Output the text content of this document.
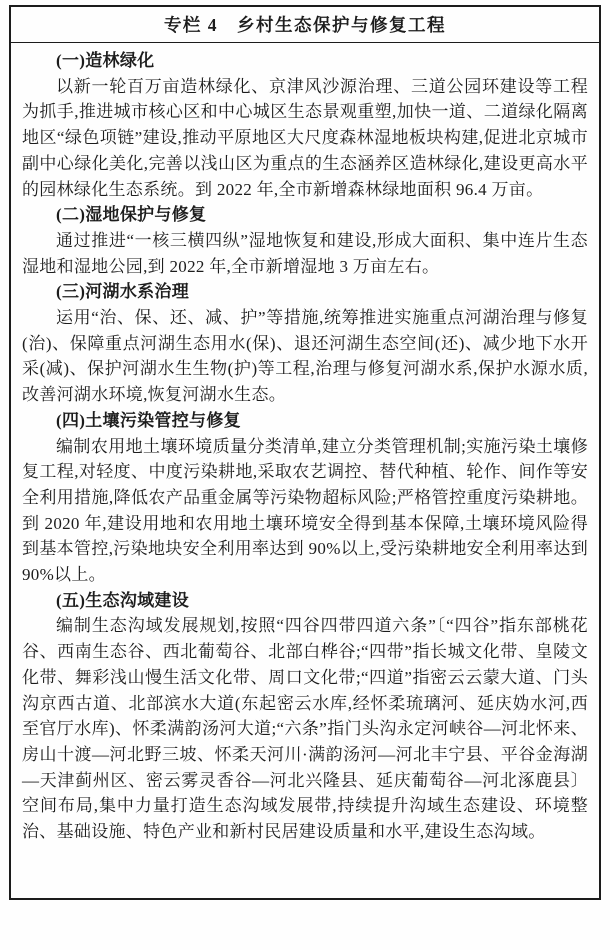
专栏 4　乡村生态保护与修复工程
(一)造林绿化

以新一轮百万亩造林绿化、京津风沙源治理、三道公园环建设等工程为抓手,推进城市核心区和中心城区生态景观重塑,加快一道、二道绿化隔离地区“绿色项链”建设,推动平原地区大尺度森林湿地板块构建,促进北京城市副中心绿化美化,完善以浅山区为重点的生态涵养区造林绿化,建设更高水平的园林绿化生态系统。到 2022 年,全市新增森林绿地面积 96.4 万亩。

(二)湿地保护与修复

通过推进“一核三横四纵”湿地恢复和建设,形成大面积、集中连片生态湿地和湿地公园,到 2022 年,全市新增湿地 3 万亩左右。

(三)河湖水系治理

运用“治、保、还、减、护”等措施,统筹推进实施重点河湖治理与修复(治)、保障重点河湖生态用水(保)、退还河湖生态空间(还)、减少地下水开采(减)、保护河湖水生生物(护)等工程,治理与修复河湖水系,保护水源水质,改善河湖水环境,恢复河湖水生态。

(四)土壤污染管控与修复

编制农用地土壤环境质量分类清单,建立分类管理机制;实施污染土壤修复工程,对轻度、中度污染耕地,采取农艺调控、替代种植、轮作、间作等安全利用措施,降低农产品重金属等污染物超标风险;严格管控重度污染耕地。到 2020 年,建设用地和农用地土壤环境安全得到基本保障,土壤环境风险得到基本管控,污染地块安全利用率达到 90%以上,受污染耕地安全利用率达到 90%以上。

(五)生态沟域建设

编制生态沟域发展规划,按照“四谷四带四道六条”〔“四谷”指东部桃花谷、西南生态谷、西北葡萄谷、北部白桦谷;“四带”指长城文化带、皇陵文化带、舞彩浅山慢生活文化带、周口文化带;“四道”指密云云蒙大道、门头沟京西古道、北部滨水大道(东起密云水库,经怀柔琉璃河、延庆妫水河,西至官厅水库)、怀柔满韵汤河大道;“六条”指门头沟永定河峡谷—河北怀来、房山十渡—河北野三坡、怀柔天河川·满韵汤河—河北丰宁县、平谷金海湖—天津蓟州区、密云雾灵香谷—河北兴隆县、延庆葡萄谷—河北涿鹿县〕空间布局,集中力量打造生态沟域发展带,持续提升沟域生态建设、环境整治、基础设施、特色产业和新村民居建设质量和水平,建设生态沟域。
